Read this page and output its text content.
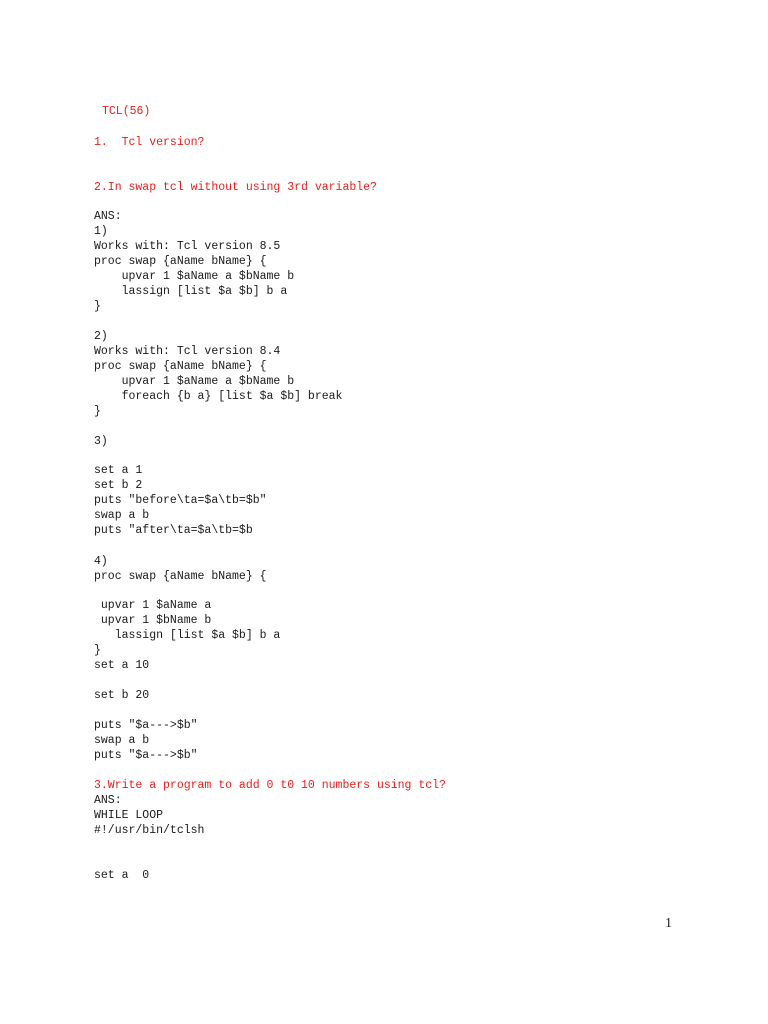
TCL(56)

1.  Tcl version?

2.In swap tcl without using 3rd variable?

ANS:

1)

Works with: Tcl version 8.5

proc swap {aName bName} {

upvar 1 $aName a $bName b

lassign [list $a $b] b a

}

2)

Works with: Tcl version 8.4

proc swap {aName bName} {

upvar 1 $aName a $bName b

foreach {b a} [list $a $b] break

}

3)

set a 1

set b 2

puts "before\ta=$a\tb=$b"

swap a b

puts "after\ta=$a\tb=$b

4)

proc swap {aName bName} {

upvar 1 $aName a

upvar 1 $bName b

lassign [list $a $b] b a

}

set a 10

set b 20

puts "$a--->$b"

swap a b

puts "$a--->$b"

3.Write a program to add 0 t0 10 numbers using tcl?

ANS:

WHILE LOOP

#!/usr/bin/tclsh

set a  0

1
